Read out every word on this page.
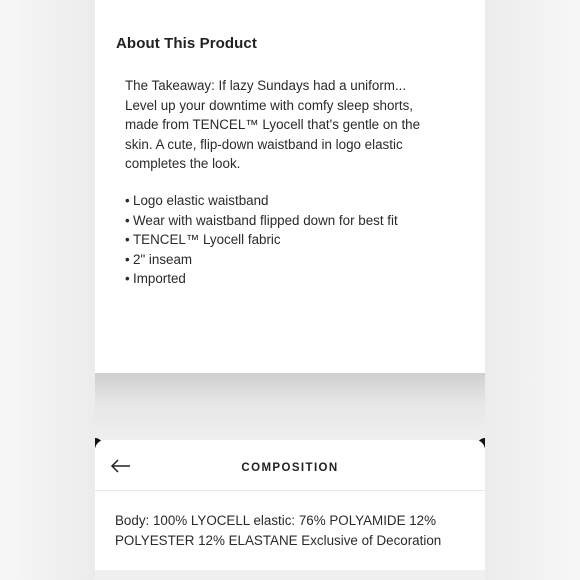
About This Product
The Takeaway: If lazy Sundays had a uniform...
Level up your downtime with comfy sleep shorts,
made from TENCEL™ Lyocell that's gentle on the
skin. A cute, flip-down waistband in logo elastic
completes the look.
• Logo elastic waistband
• Wear with waistband flipped down for best fit
• TENCEL™ Lyocell fabric
• 2" inseam
• Imported
COMPOSITION
Body: 100% LYOCELL elastic: 76% POLYAMIDE 12%
POLYESTER 12% ELASTANE Exclusive of Decoration
